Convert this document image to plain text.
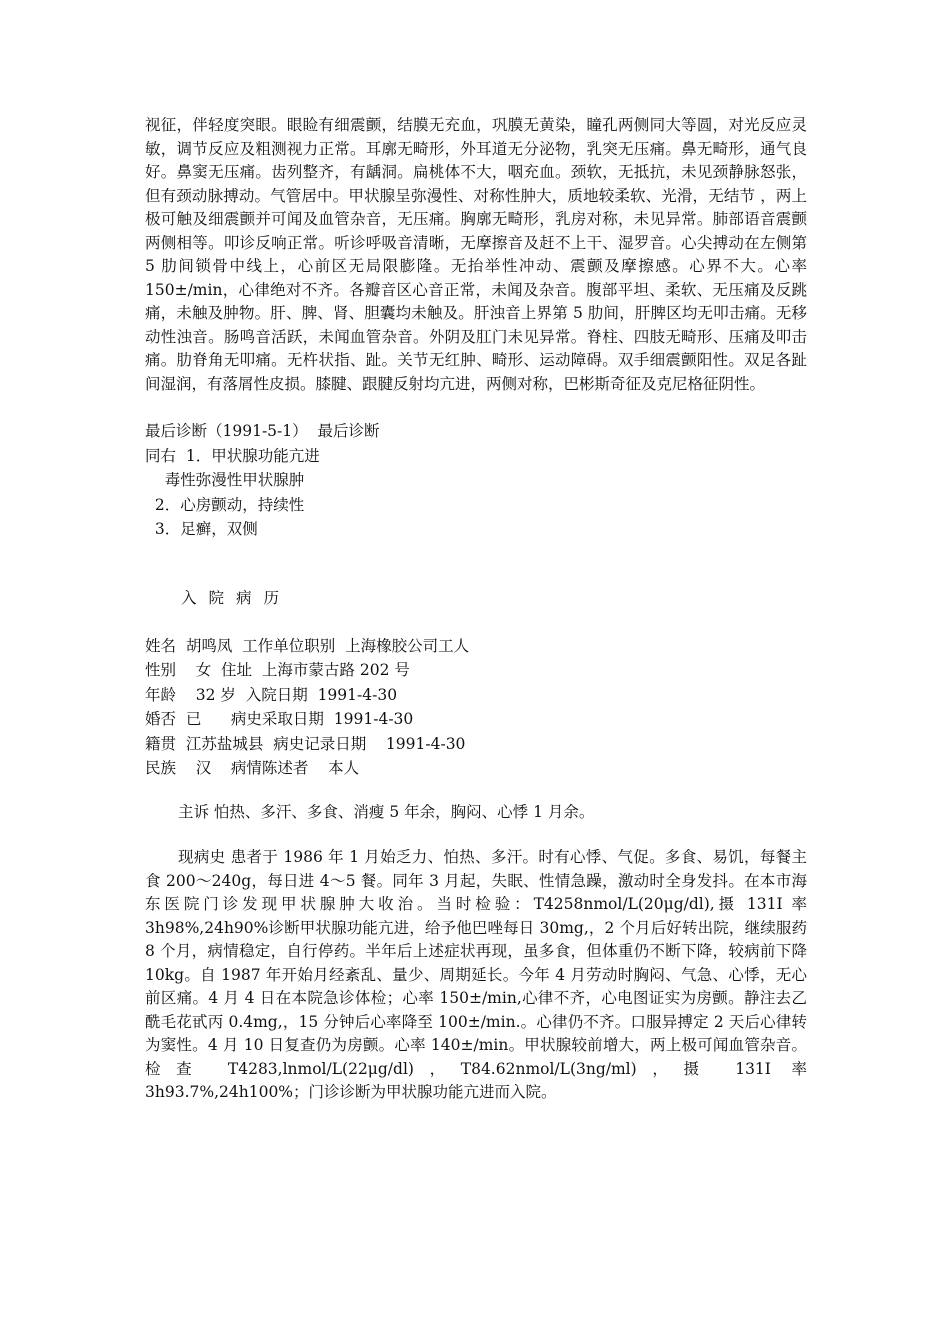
视征，伴轻度突眼。眼睑有细震颤，结膜无充血，巩膜无黄染，瞳孔两侧同大等圆，对光反应灵敏，调节反应及粗测视力正常。耳廓无畸形，外耳道无分泌物，乳突无压痛。鼻无畸形，通气良好。鼻窦无压痛。齿列整齐，有龋洞。扁桃体不大，咽充血。颈软，无抵抗，未见颈静脉怒张，但有颈动脉搏动。气管居中。甲状腺呈弥漫性、对称性肿大，质地较柔软、光滑，无结节 ，两上极可触及细震颤并可闻及血管杂音，无压痛。胸廓无畸形，乳房对称，未见异常。肺部语音震颤两侧相等。叩诊反响正常。听诊呼吸音清晰，无摩擦音及赶不上干、湿罗音。心尖搏动在左侧第 5 肋间锁骨中线上，心前区无局限膨隆。无抬举性冲动、震颤及摩擦感。心界不大。心率 150±/min，心律绝对不齐。各瓣音区心音正常，未闻及杂音。腹部平坦、柔软、无压痛及反跳痛，未触及肿物。肝、脾、肾、胆囊均未触及。肝浊音上界第 5 肋间，肝脾区均无叩击痛。无移动性浊音。肠鸣音活跃，未闻血管杂音。外阴及肛门未见异常。脊柱、四肢无畸形、压痛及叩击痛。肋脊角无叩痛。无杵状指、趾。关节无红肿、畸形、运动障碍。双手细震颤阳性。双足各趾间湿润，有落屑性皮损。膝腱、跟腱反射均亢进，两侧对称，巴彬斯奇征及克尼格征阴性。

最后诊断（1991-5-1）  最后诊断
同右  1．甲状腺功能亢进
毒性弥漫性甲状腺肿
2．心房颤动，持续性
3．足癣，双侧
入院病历
姓名  胡鸣凤  工作单位职别  上海橡胶公司工人
性别    女  住址  上海市蒙古路 202 号
年龄    32 岁  入院日期  1991-4-30
婚否  已      病史采取日期  1991-4-30
籍贯  江苏盐城县  病史记录日期    1991-4-30
民族    汉    病情陈述者    本人

主诉 怕热、多汗、多食、消瘦 5 年余，胸闷、心悸 1 月余。

现病史 患者于 1986 年 1 月始乏力、怕热、多汗。时有心悸、气促。多食、易饥，每餐主食 200～240g，每日进 4～5 餐。同年 3 月起，失眠、性情急躁，激动时全身发抖。在本市海东医院门诊发现甲状腺肿大收治。当时检验：T4258nmol/L(20μg/dl),摄 131I 率 3h98%,24h90%诊断甲状腺功能亢进，给予他巴唑每日 30mg,，2 个月后好转出院，继续服药 8 个月，病情稳定，自行停药。半年后上述症状再现，虽多食，但体重仍不断下降，较病前下降 10kg。自 1987 年开始月经紊乱、量少、周期延长。今年 4 月劳动时胸闷、气急、心悸，无心前区痛。4 月 4 日在本院急诊体检；心率 150±/min,心律不齐，心电图证实为房颤。静注去乙酰毛花甙丙 0.4mg,，15 分钟后心率降至 100±/min.。心律仍不齐。口服异搏定 2 天后心律转为窦性。4 月 10 日复查仍为房颤。心率 140±/min。甲状腺较前增大，两上极可闻血管杂音。检查 T4283,lnmol/L(22μg/dl)，T84.62nmol/L(3ng/ml)，摄 131I 率 3h93.7%,24h100%；门诊诊断为甲状腺功能亢进而入院。
